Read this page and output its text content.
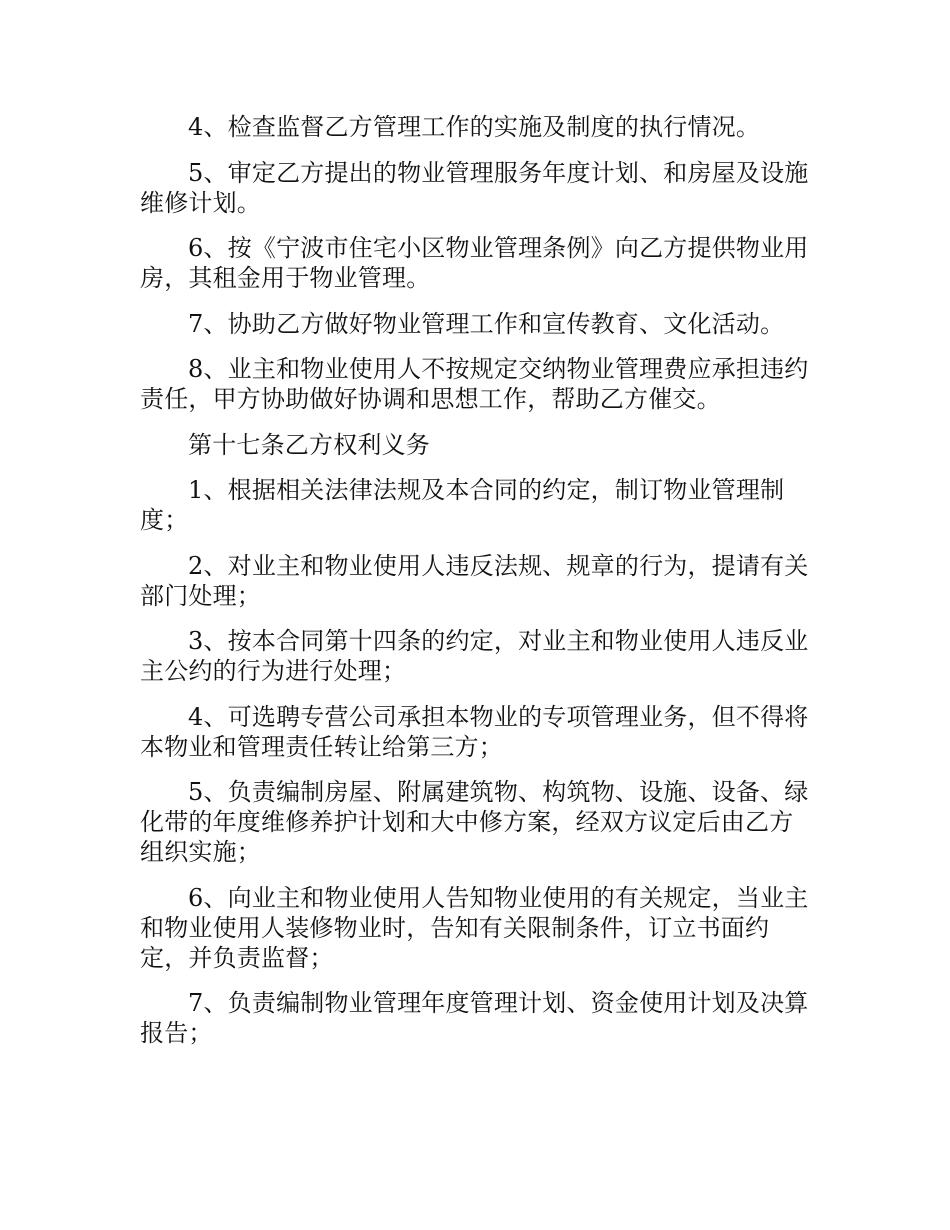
4、检查监督乙方管理工作的实施及制度的执行情况。

5、审定乙方提出的物业管理服务年度计划、和房屋及设施维修计划。

6、按《宁波市住宅小区物业管理条例》向乙方提供物业用房，其租金用于物业管理。

7、协助乙方做好物业管理工作和宣传教育、文化活动。

8、业主和物业使用人不按规定交纳物业管理费应承担违约责任，甲方协助做好协调和思想工作，帮助乙方催交。

第十七条乙方权利义务

1、根据相关法律法规及本合同的约定，制订物业管理制度；

2、对业主和物业使用人违反法规、规章的行为，提请有关部门处理；

3、按本合同第十四条的约定，对业主和物业使用人违反业主公约的行为进行处理；

4、可选聘专营公司承担本物业的专项管理业务，但不得将本物业和管理责任转让给第三方；

5、负责编制房屋、附属建筑物、构筑物、设施、设备、绿化带的年度维修养护计划和大中修方案，经双方议定后由乙方组织实施；

6、向业主和物业使用人告知物业使用的有关规定，当业主和物业使用人装修物业时，告知有关限制条件，订立书面约定，并负责监督；

7、负责编制物业管理年度管理计划、资金使用计划及决算报告；
